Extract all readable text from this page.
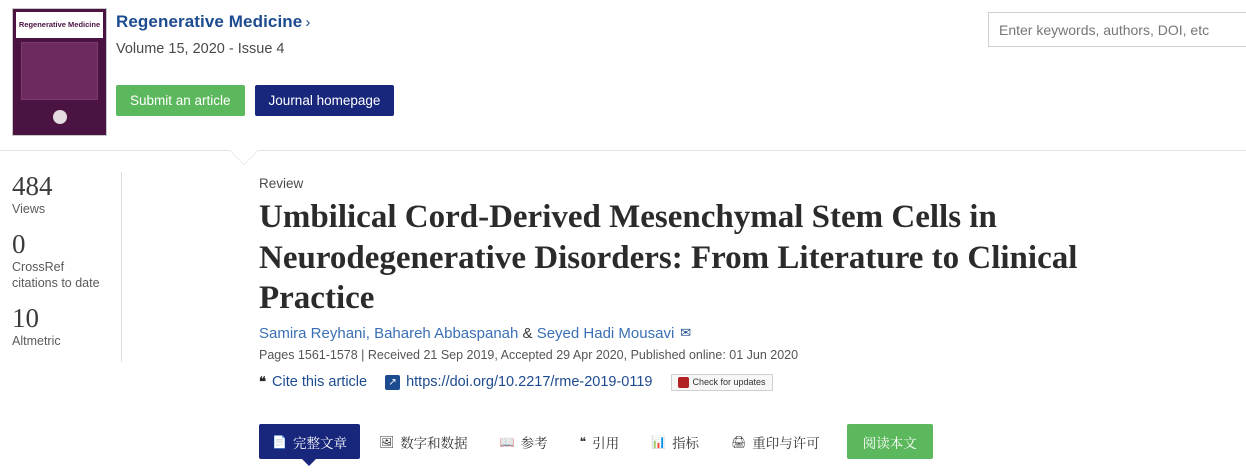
Regenerative Medicine Regenerative Medicine ›
Volume 15, 2020 - Issue 4
Submit an article	Journal homepage
Enter keywords, authors, DOI, etc
484
Views
0
CrossRef citations to date
10
Altmetric
Review
Umbilical Cord-Derived Mesenchymal Stem Cells in Neurodegenerative Disorders: From Literature to Clinical Practice
Samira Reyhani, Bahareh Abbaspanah & Seyed Hadi Mousavi ✉
Pages 1561-1578 | Received 21 Sep 2019, Accepted 29 Apr 2020, Published online: 01 Jun 2020
❝ Cite this article	↗ https://doi.org/10.2217/rme-2019-0119	Check for updates
📄 完整文章	🖼 数字和数据	📖 参考	❝ 引用	📊 指标	🖨 重印与许可	阅读本文
